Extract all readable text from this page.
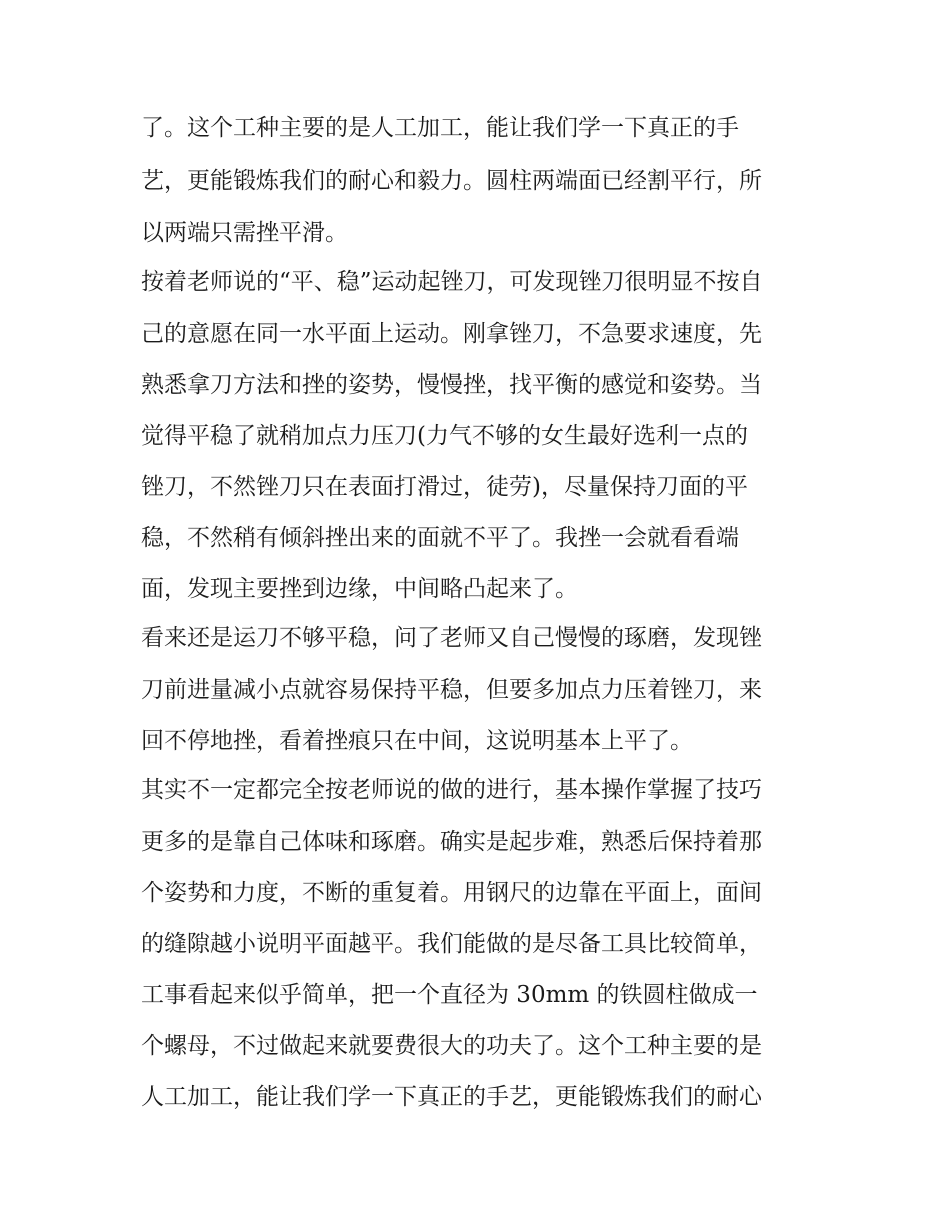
了。这个工种主要的是人工加工，能让我们学一下真正的手
艺，更能锻炼我们的耐心和毅力。圆柱两端面已经割平行，所
以两端只需挫平滑。
按着老师说的“平、稳”运动起锉刀，可发现锉刀很明显不按自
己的意愿在同一水平面上运动。刚拿锉刀，不急要求速度，先
熟悉拿刀方法和挫的姿势，慢慢挫，找平衡的感觉和姿势。当
觉得平稳了就稍加点力压刀(力气不够的女生最好选利一点的
锉刀，不然锉刀只在表面打滑过，徒劳)，尽量保持刀面的平
稳，不然稍有倾斜挫出来的面就不平了。我挫一会就看看端
面，发现主要挫到边缘，中间略凸起来了。
看来还是运刀不够平稳，问了老师又自己慢慢的琢磨，发现锉
刀前进量减小点就容易保持平稳，但要多加点力压着锉刀，来
回不停地挫，看着挫痕只在中间，这说明基本上平了。
其实不一定都完全按老师说的做的进行，基本操作掌握了技巧
更多的是靠自己体味和琢磨。确实是起步难，熟悉后保持着那
个姿势和力度，不断的重复着。用钢尺的边靠在平面上，面间
的缝隙越小说明平面越平。我们能做的是尽备工具比较简单，
工事看起来似乎简单，把一个直径为 30mm 的铁圆柱做成一
个螺母，不过做起来就要费很大的功夫了。这个工种主要的是
人工加工，能让我们学一下真正的手艺，更能锻炼我们的耐心
